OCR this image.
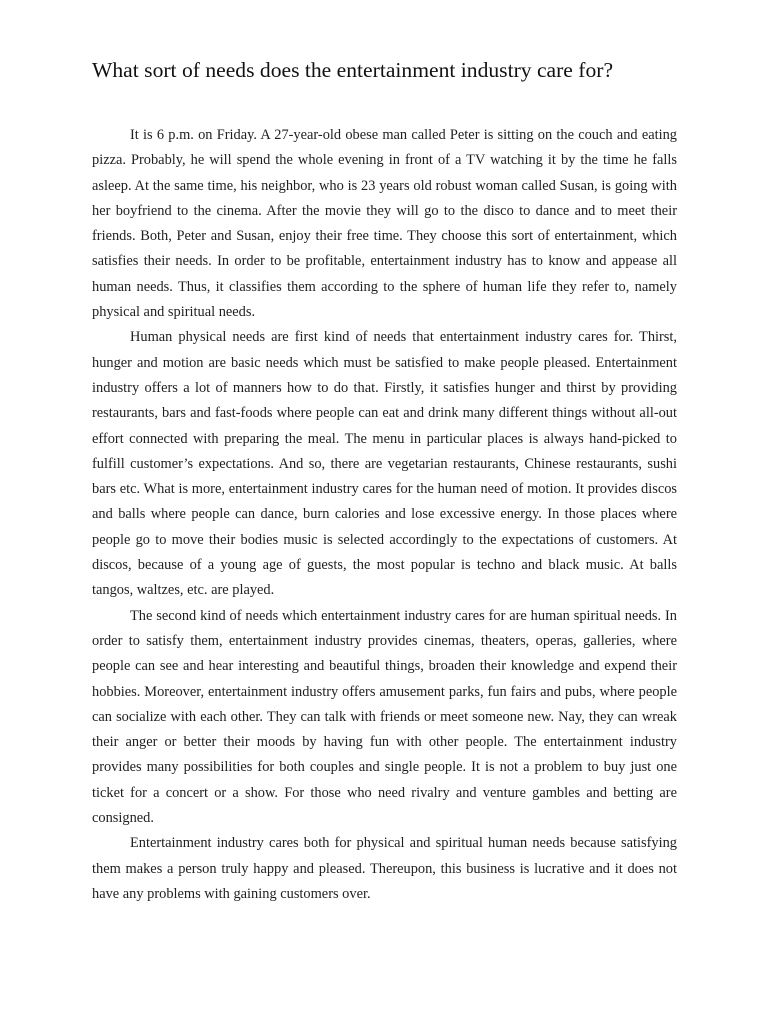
What sort of needs does the entertainment industry care for?

It is 6 p.m. on Friday. A 27-year-old obese man called Peter is sitting on the couch and eating pizza. Probably, he will spend the whole evening in front of a TV watching it by the time he falls asleep. At the same time, his neighbor, who is 23 years old robust woman called Susan, is going with her boyfriend to the cinema. After the movie they will go to the disco to dance and to meet their friends. Both, Peter and Susan, enjoy their free time. They choose this sort of entertainment, which satisfies their needs. In order to be profitable, entertainment industry has to know and appease all human needs. Thus, it classifies them according to the sphere of human life they refer to, namely physical and spiritual needs.

Human physical needs are first kind of needs that entertainment industry cares for. Thirst, hunger and motion are basic needs which must be satisfied to make people pleased. Entertainment industry offers a lot of manners how to do that. Firstly, it satisfies hunger and thirst by providing restaurants, bars and fast-foods where people can eat and drink many different things without all-out effort connected with preparing the meal. The menu in particular places is always hand-picked to fulfill customer’s expectations. And so, there are vegetarian restaurants, Chinese restaurants, sushi bars etc. What is more, entertainment industry cares for the human need of motion. It provides discos and balls where people can dance, burn calories and lose excessive energy. In those places where people go to move their bodies music is selected accordingly to the expectations of customers. At discos, because of a young age of guests, the most popular is techno and black music. At balls tangos, waltzes, etc. are played.

The second kind of needs which entertainment industry cares for are human spiritual needs. In order to satisfy them, entertainment industry provides cinemas, theaters, operas, galleries, where people can see and hear interesting and beautiful things, broaden their knowledge and expend their hobbies. Moreover, entertainment industry offers amusement parks, fun fairs and pubs, where people can socialize with each other. They can talk with friends or meet someone new. Nay, they can wreak their anger or better their moods by having fun with other people. The entertainment industry provides many possibilities for both couples and single people. It is not a problem to buy just one ticket for a concert or a show. For those who need rivalry and venture gambles and betting are consigned.

Entertainment industry cares both for physical and spiritual human needs because satisfying them makes a person truly happy and pleased. Thereupon, this business is lucrative and it does not have any problems with gaining customers over.
